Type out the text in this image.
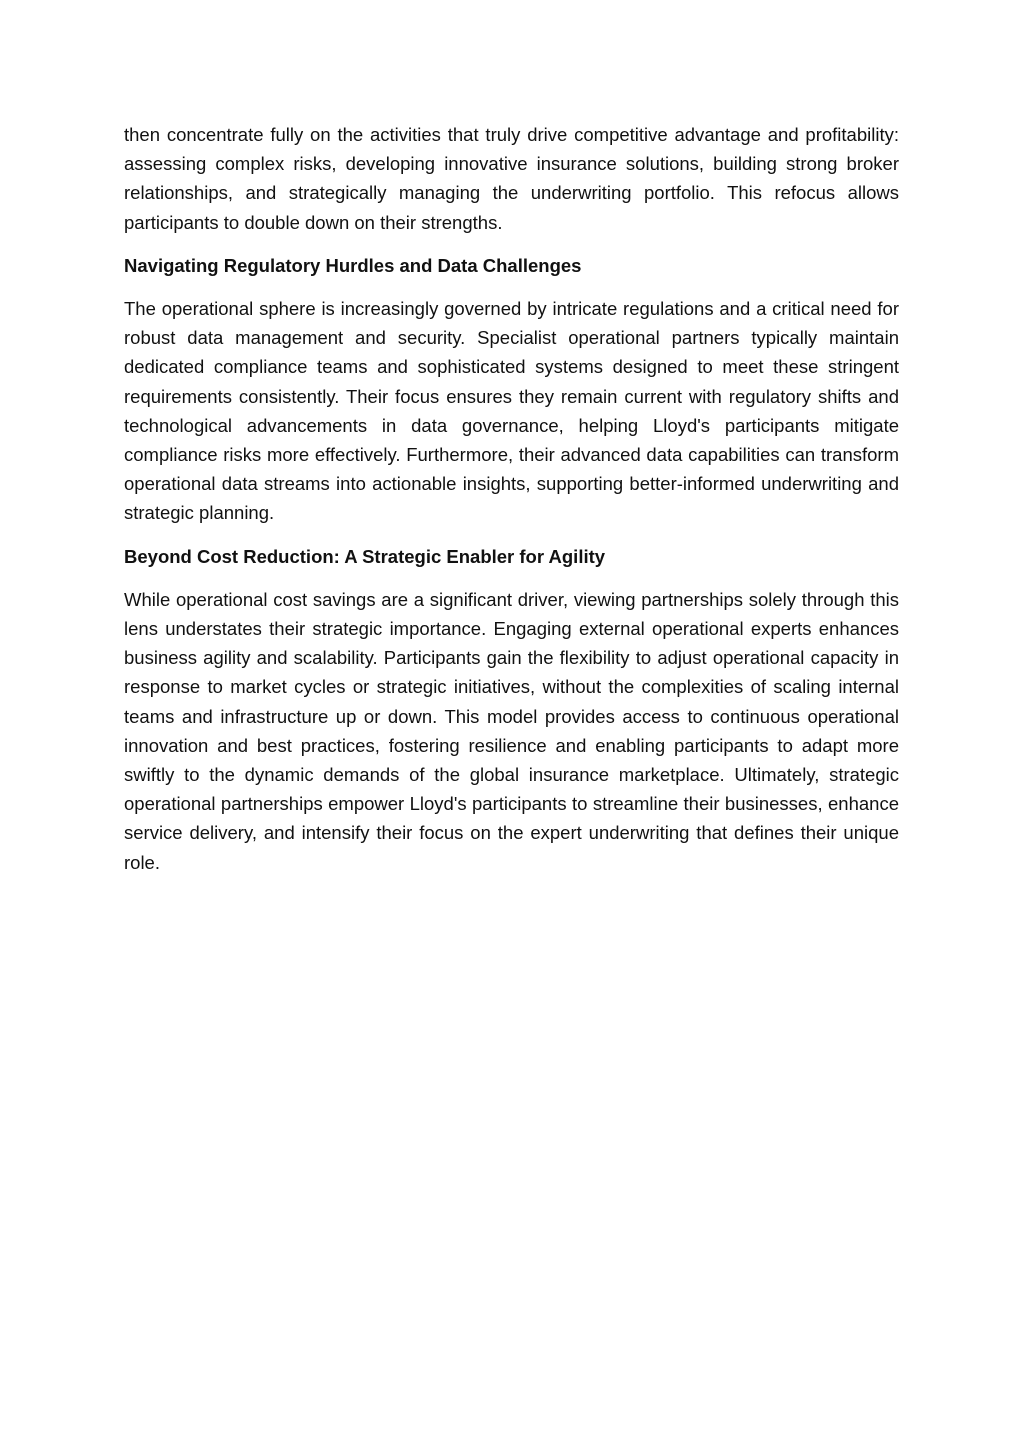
then concentrate fully on the activities that truly drive competitive advantage and profitability: assessing complex risks, developing innovative insurance solutions, building strong broker relationships, and strategically managing the underwriting portfolio. This refocus allows participants to double down on their strengths.

Navigating Regulatory Hurdles and Data Challenges

The operational sphere is increasingly governed by intricate regulations and a critical need for robust data management and security. Specialist operational partners typically maintain dedicated compliance teams and sophisticated systems designed to meet these stringent requirements consistently. Their focus ensures they remain current with regulatory shifts and technological advancements in data governance, helping Lloyd's participants mitigate compliance risks more effectively. Furthermore, their advanced data capabilities can transform operational data streams into actionable insights, supporting better-informed underwriting and strategic planning.

Beyond Cost Reduction: A Strategic Enabler for Agility

While operational cost savings are a significant driver, viewing partnerships solely through this lens understates their strategic importance. Engaging external operational experts enhances business agility and scalability. Participants gain the flexibility to adjust operational capacity in response to market cycles or strategic initiatives, without the complexities of scaling internal teams and infrastructure up or down. This model provides access to continuous operational innovation and best practices, fostering resilience and enabling participants to adapt more swiftly to the dynamic demands of the global insurance marketplace. Ultimately, strategic operational partnerships empower Lloyd's participants to streamline their businesses, enhance service delivery, and intensify their focus on the expert underwriting that defines their unique role.
